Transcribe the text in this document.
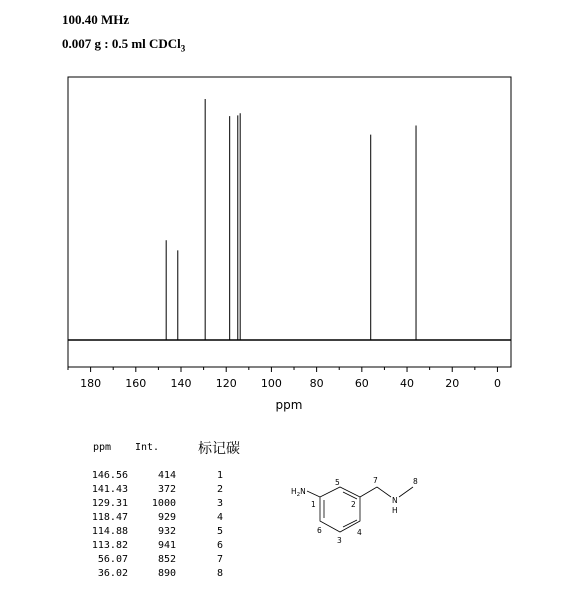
100.40 MHz
0.007 g : 0.5 ml CDCl$_3$
180 160 140 120 100	80	60	40	20	0
ppm
ppm Int.	标记碳
146.56	414	1
141.43	372	2
129.31	1000	3
118.47	929	4
114.88	932	5
113.82	941	6
56.07	852	7
36.02	890	8
$H_2N$
N
H
1	2
3
4
5
6
7	8
